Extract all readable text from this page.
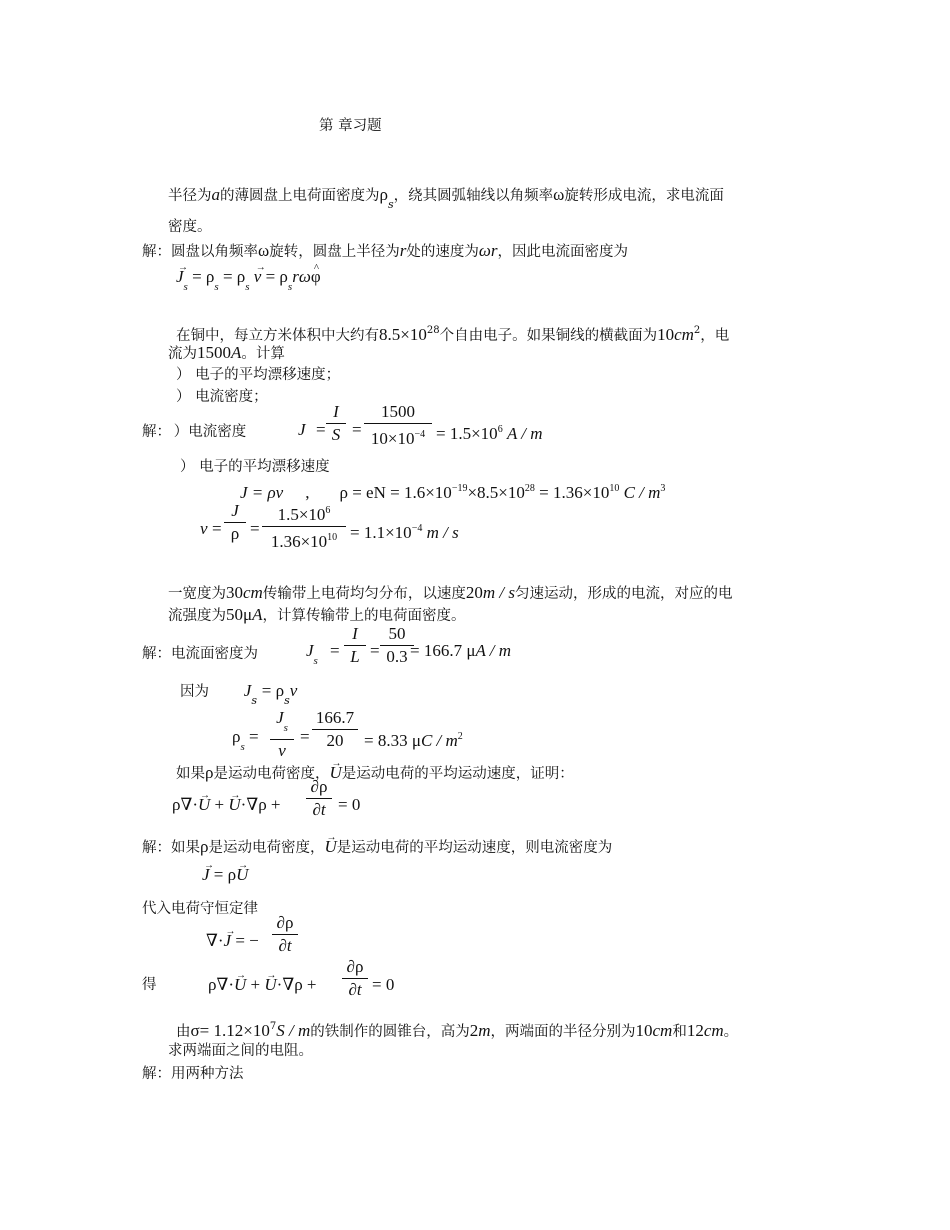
第 章习题
半径为a的薄圆盘上电荷面密度为$\rho_s$，绕其圆弧轴线以角频率ω旋转形成电流，求电流面
密度。
解：圆盘以角频率ω旋转，圆盘上半径为r处的速度为ωr，因此电流面密度为
→ $J_s = \rho_s = \rho_s \to v$ = $\rho_sr\omega\^{}$ φ
在铜中，每立方米体积中大约有$8.5\times 10^{28}$个自由电子。如果铜线的横截面为$10cm^2$，电
流为1500A。计算
） 电子的平均漂移速度；
） 电流密度；
解： ）电流密度	J =
I
S =
1500
$10\times 10^{-4} = 1.5\times 10^6$ A / m
） 电子的平均漂移速度
J = ρv , ρ = eN = $1.6\times 10^{-19}\times 8.5\times 10^{28} = 1.36\times 10^{10}$ C / $m^3$
v =
J
ρ =
$1.5\times 10^6$
$1.36\times 10^{10} = 1.1\times 10^{-4}$ m / s
一宽度为30cm传输带上电荷均匀分布，以速度20m / s匀速运动，形成的电流，对应的电
流强度为50μA，计算传输带上的电荷面密度。
解：电流面密度为	$J_s$
=
I
L =
50
0.3 = 166.7 μA / m
因为 $J_s = \rho_sv$
$\rho_s$ =
$J_s$
v
=
166.7
20	= 8.33 μC / $m^2$
如果ρ是运动电荷密度，→ U是运动电荷的平均运动速度，证明：
ρ∇·→ U + → U·∇ρ +
∂ρ
∂t = 0
解：如果ρ是运动电荷密度，→ U是运动电荷的平均运动速度，则电流密度为
→ J = ρ→ U
代入电荷守恒定律
∇·→ J = −
∂ρ
∂t
得	ρ∇·→ U + → U·∇ρ +
∂ρ
∂t = 0
由$\sigma= 1.12\times 10^7S / m$的铁制作的圆锥台，高为2m，两端面的半径分别为10cm和12cm。
求两端面之间的电阻。
解：用两种方法
